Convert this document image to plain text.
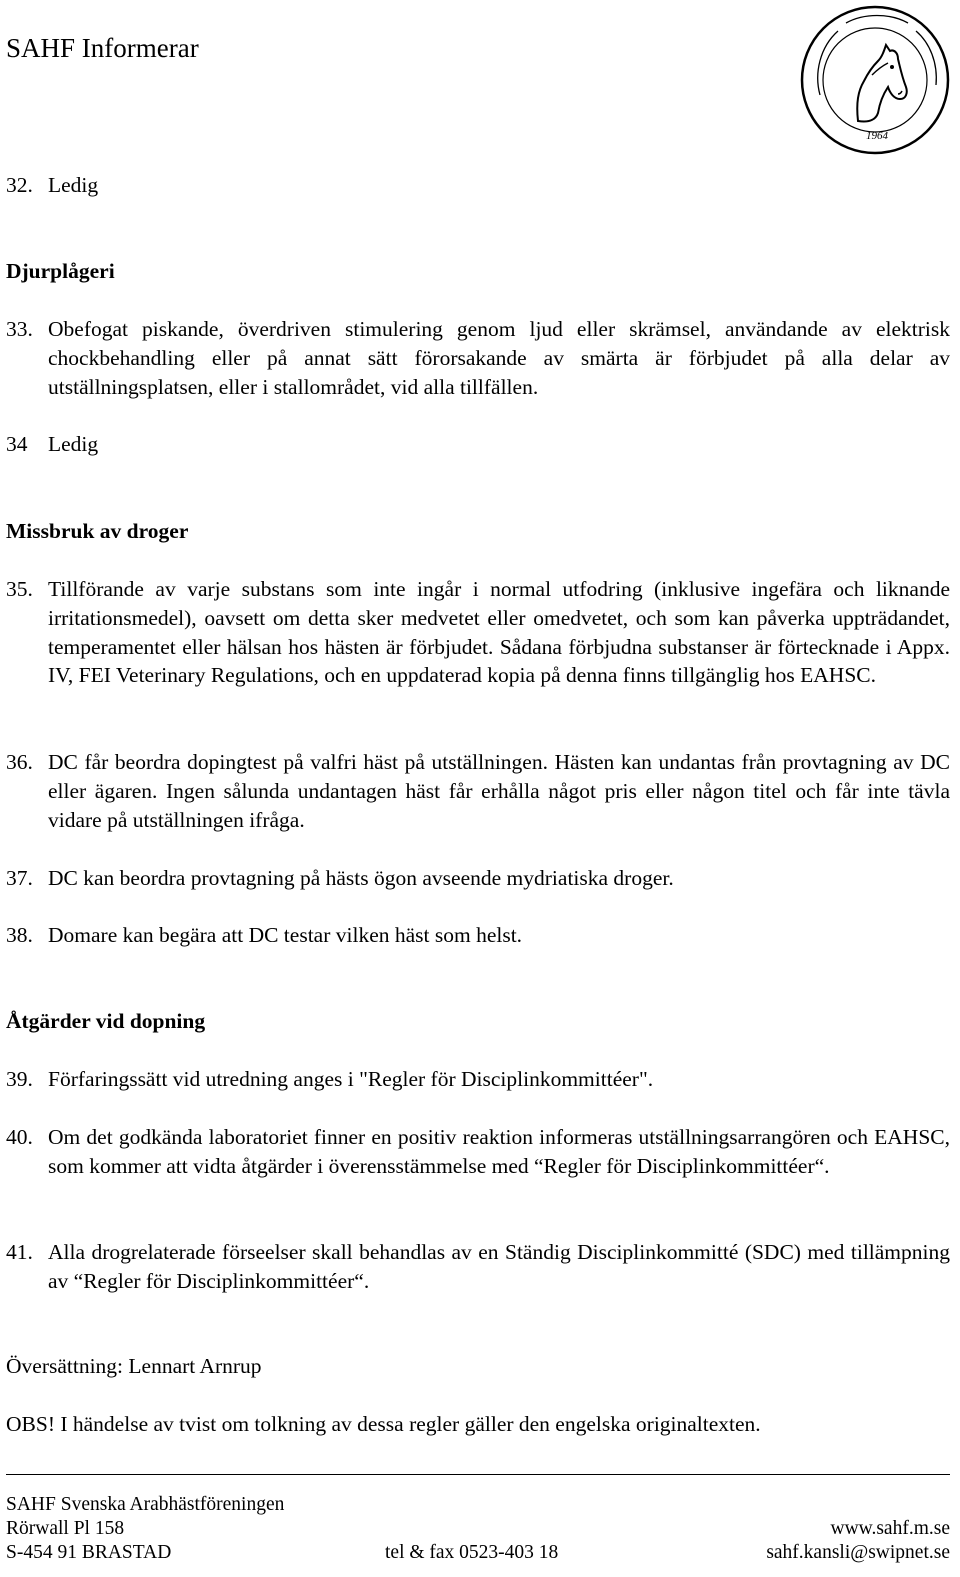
SAHF Informerar
1964
32. Ledig
Djurplågeri
33. Obefogat piskande, överdriven stimulering genom ljud eller skrämsel, användande av elektrisk chockbehandling eller på annat sätt förorsakande av smärta är förbjudet på alla delar av utställningsplatsen, eller i stallområdet, vid alla tillfällen.
34 Ledig
Missbruk av droger
35. Tillförande av varje substans som inte ingår i normal utfodring (inklusive ingefära och liknande irritationsmedel), oavsett om detta sker medvetet eller omedvetet, och som kan påverka uppträdandet, temperamentet eller hälsan hos hästen är förbjudet. Sådana förbjudna substanser är förtecknade i Appx. IV, FEI Veterinary Regulations, och en uppdaterad kopia på denna finns tillgänglig hos EAHSC.
36. DC får beordra dopingtest på valfri häst på utställningen. Hästen kan undantas från provtagning av DC eller ägaren. Ingen sålunda undantagen häst får erhålla något pris eller någon titel och får inte tävla vidare på utställningen ifråga.
37. DC kan beordra provtagning på hästs ögon avseende mydriatiska droger.
38. Domare kan begära att DC testar vilken häst som helst.
Åtgärder vid dopning
39. Förfaringssätt vid utredning anges i "Regler för Disciplinkommittéer".
40. Om det godkända laboratoriet finner en positiv reaktion informeras utställningsarrangören och EAHSC, som kommer att vidta åtgärder i överensstämmelse med “Regler för Disciplinkommittéer“.
41. Alla drogrelaterade förseelser skall behandlas av en Ständig Disciplinkommitté (SDC) med tillämpning av “Regler för Disciplinkommittéer“.
Översättning: Lennart Arnrup
OBS! I händelse av tvist om tolkning av dessa regler gäller den engelska originaltexten.
SAHF Svenska Arabhästföreningen
Rörwall Pl 158
S-454 91 BRASTAD	tel & fax 0523-403 18
www.sahf.m.se
sahf.kansli@swipnet.se
